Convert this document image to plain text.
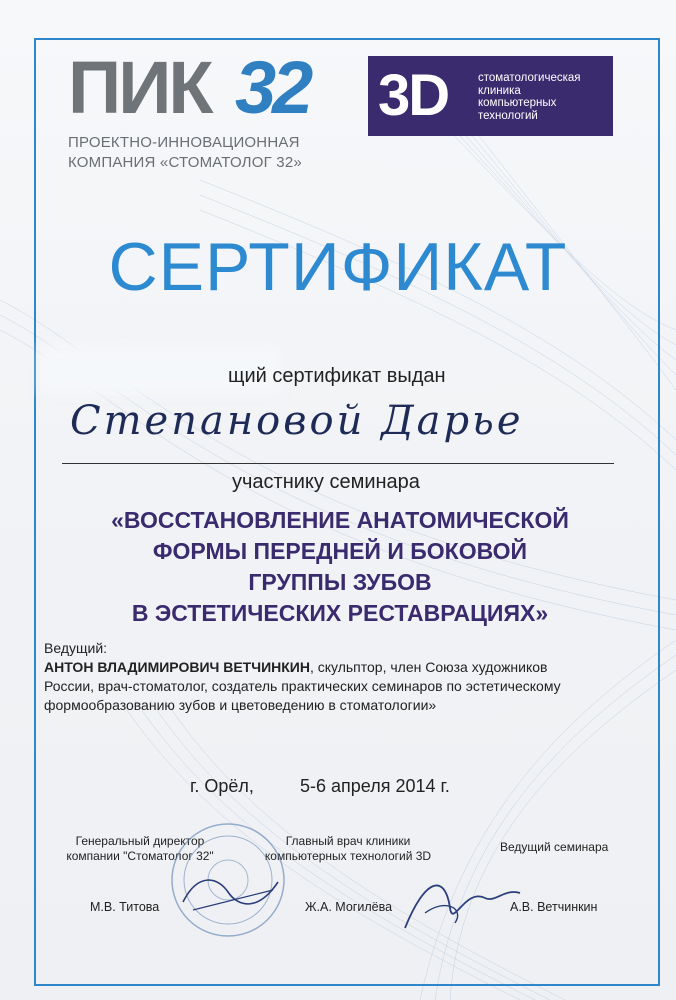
ПИК 32
ПРОЕКТНО-ИННОВАЦИОННАЯ
КОМПАНИЯ «СТОМАТОЛОГ 32»
3D	стоматологическая
клиника
компьютерных
технологий
СЕРТИФИКАТ
щий сертификат выдан
Степановой Дарье
участнику семинара
«ВОССТАНОВЛЕНИЕ АНАТОМИЧЕСКОЙ
ФОРМЫ ПЕРЕДНЕЙ И БОКОВОЙ
ГРУППЫ ЗУБОВ
В ЭСТЕТИЧЕСКИХ РЕСТАВРАЦИЯХ»
Ведущий:
АНТОН ВЛАДИМИРОВИЧ ВЕТЧИНКИН, скульптор, член Союза художников
России, врач-стоматолог, создатель практических семинаров по эстетическому
формообразованию зубов и цветоведению в стоматологии»
г. Орёл,	5-6 апреля 2014 г.
Генеральный директор
компании "Стоматолог 32"
Главный врач клиники
компьютерных технологий 3D
Ведущий семинара
М.В. Титова	Ж.А. Могилёва	А.В. Ветчинкин
